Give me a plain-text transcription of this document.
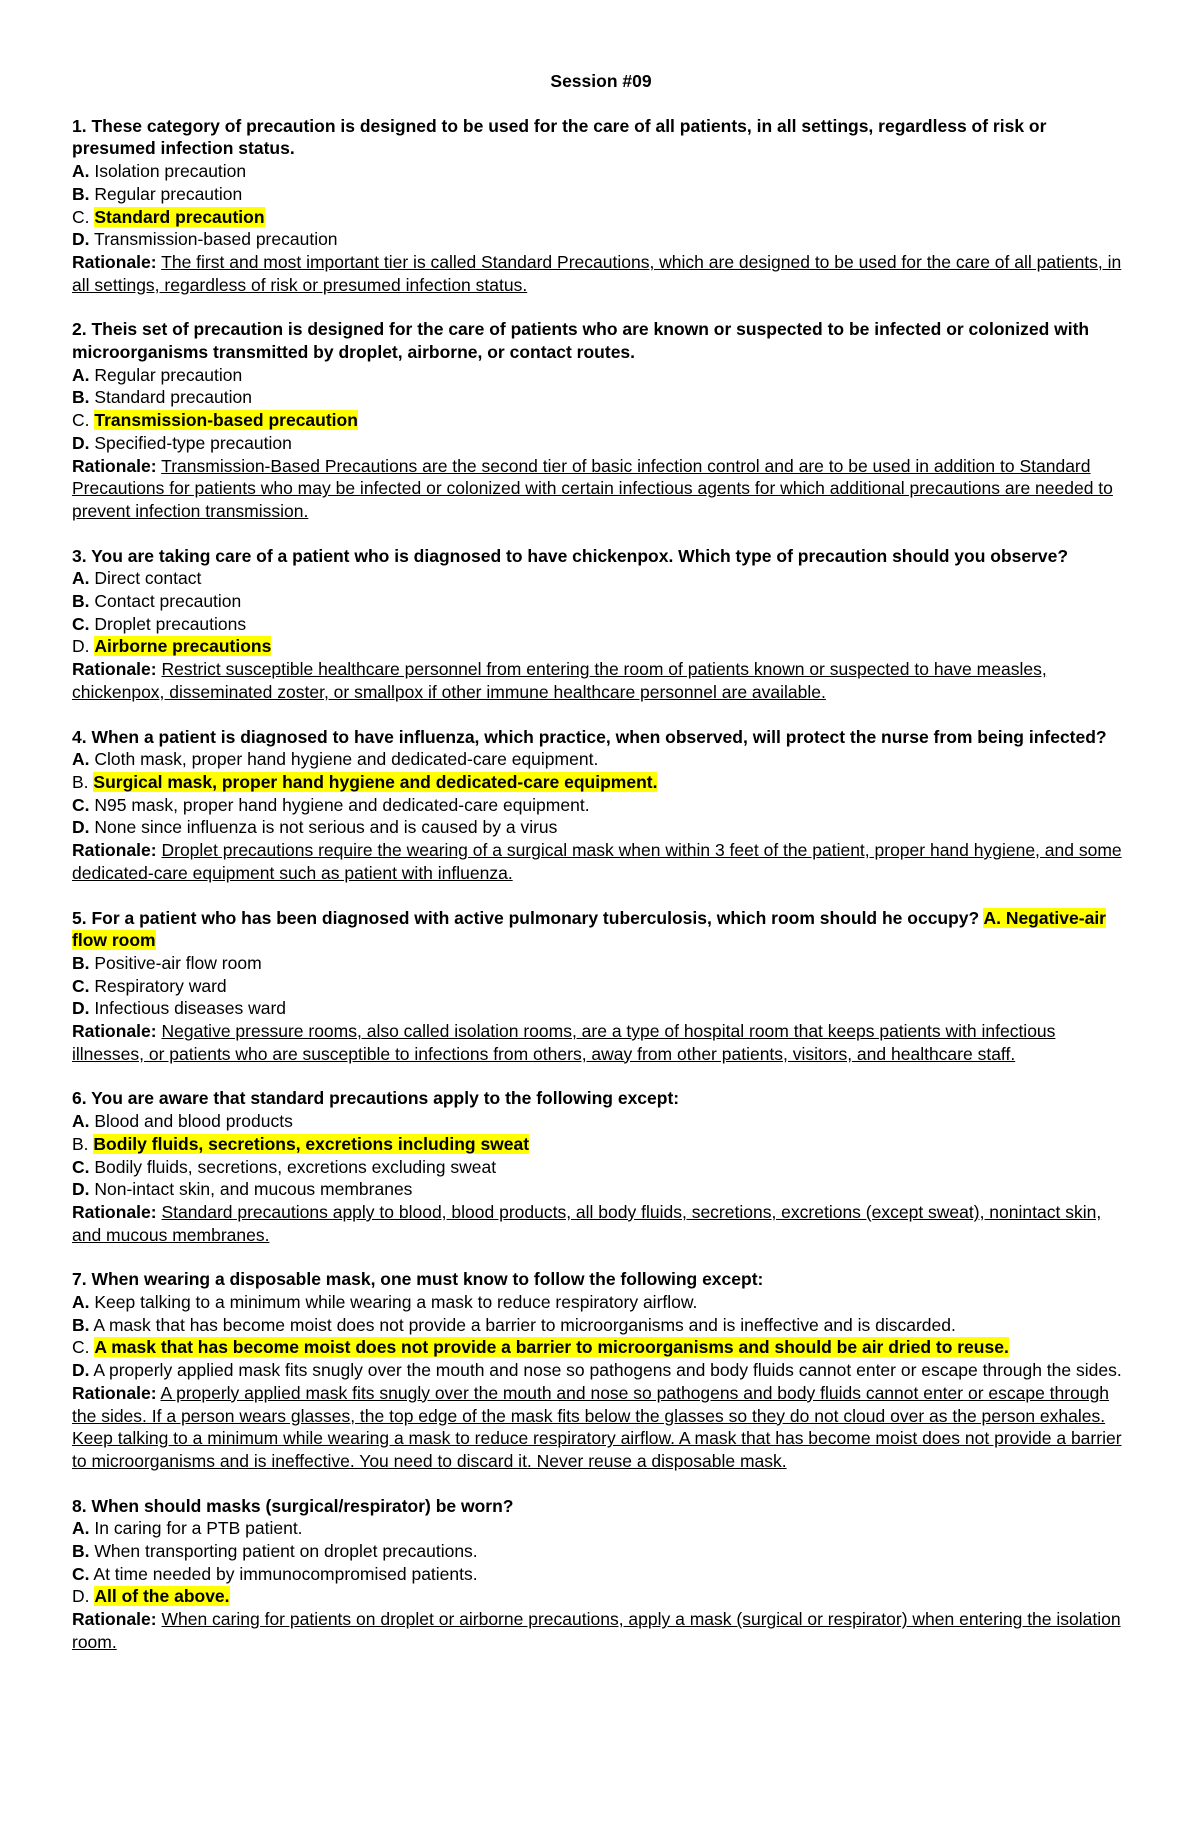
Session #09
1. These category of precaution is designed to be used for the care of all patients, in all settings, regardless of risk or presumed infection status.
A. Isolation precaution
B. Regular precaution
C. Standard precaution
D. Transmission-based precaution
Rationale: The first and most important tier is called Standard Precautions, which are designed to be used for the care of all patients, in all settings, regardless of risk or presumed infection status.
2. Theis set of precaution is designed for the care of patients who are known or suspected to be infected or colonized with microorganisms transmitted by droplet, airborne, or contact routes.
A. Regular precaution
B. Standard precaution
C. Transmission-based precaution
D. Specified-type precaution
Rationale: Transmission-Based Precautions are the second tier of basic infection control and are to be used in addition to Standard Precautions for patients who may be infected or colonized with certain infectious agents for which additional precautions are needed to prevent infection transmission.
3. You are taking care of a patient who is diagnosed to have chickenpox. Which type of precaution should you observe?
A. Direct contact
B. Contact precaution
C. Droplet precautions
D. Airborne precautions
Rationale: Restrict susceptible healthcare personnel from entering the room of patients known or suspected to have measles, chickenpox, disseminated zoster, or smallpox if other immune healthcare personnel are available.
4. When a patient is diagnosed to have influenza, which practice, when observed, will protect the nurse from being infected?
A. Cloth mask, proper hand hygiene and dedicated-care equipment.
B. Surgical mask, proper hand hygiene and dedicated-care equipment.
C. N95 mask, proper hand hygiene and dedicated-care equipment.
D. None since influenza is not serious and is caused by a virus
Rationale: Droplet precautions require the wearing of a surgical mask when within 3 feet of the patient, proper hand hygiene, and some dedicated-care equipment such as patient with influenza.
5. For a patient who has been diagnosed with active pulmonary tuberculosis, which room should he occupy? A. Negative-air flow room
B. Positive-air flow room
C. Respiratory ward
D. Infectious diseases ward
Rationale: Negative pressure rooms, also called isolation rooms, are a type of hospital room that keeps patients with infectious illnesses, or patients who are susceptible to infections from others, away from other patients, visitors, and healthcare staff.
6. You are aware that standard precautions apply to the following except:
A. Blood and blood products
B. Bodily fluids, secretions, excretions including sweat
C. Bodily fluids, secretions, excretions excluding sweat
D. Non-intact skin, and mucous membranes
Rationale: Standard precautions apply to blood, blood products, all body fluids, secretions, excretions (except sweat), nonintact skin, and mucous membranes.
7. When wearing a disposable mask, one must know to follow the following except:
A. Keep talking to a minimum while wearing a mask to reduce respiratory airflow.
B. A mask that has become moist does not provide a barrier to microorganisms and is ineffective and is discarded.
C. A mask that has become moist does not provide a barrier to microorganisms and should be air dried to reuse.
D. A properly applied mask fits snugly over the mouth and nose so pathogens and body fluids cannot enter or escape through the sides.
Rationale: A properly applied mask fits snugly over the mouth and nose so pathogens and body fluids cannot enter or escape through the sides. If a person wears glasses, the top edge of the mask fits below the glasses so they do not cloud over as the person exhales. Keep talking to a minimum while wearing a mask to reduce respiratory airflow. A mask that has become moist does not provide a barrier to microorganisms and is ineffective. You need to discard it. Never reuse a disposable mask.
8. When should masks (surgical/respirator) be worn?
A. In caring for a PTB patient.
B. When transporting patient on droplet precautions.
C. At time needed by immunocompromised patients.
D. All of the above.
Rationale: When caring for patients on droplet or airborne precautions, apply a mask (surgical or respirator) when entering the isolation room.
